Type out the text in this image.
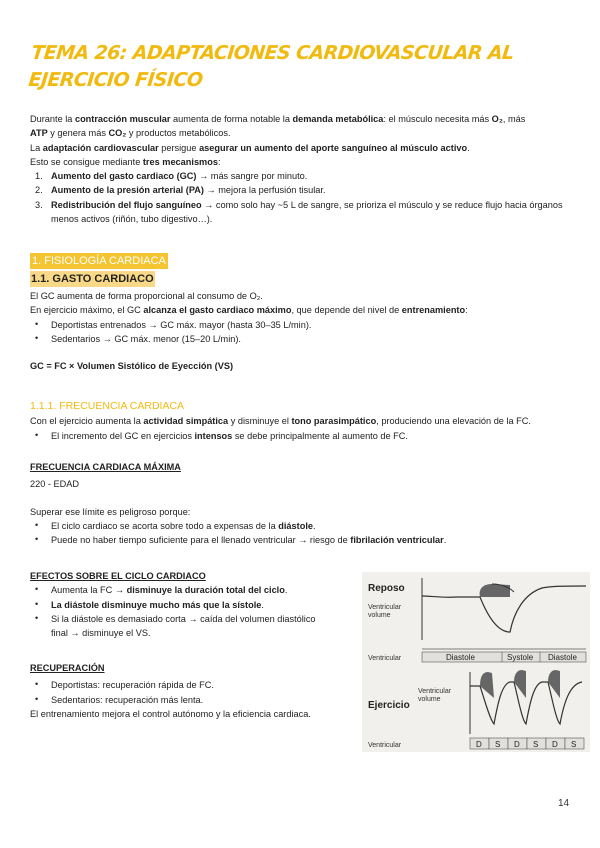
TEMA 26: ADAPTACIONES CARDIOVASCULAR AL EJERCICIO FÍSICO

Durante la contracción muscular aumenta de forma notable la demanda metabólica: el músculo necesita más O₂, más

ATP y genera más CO₂ y productos metabólicos.

La adaptación cardiovascular persigue asegurar un aumento del aporte sanguíneo al músculo activo.

Esto se consigue mediante tres mecanismos:

1. Aumento del gasto cardiaco (GC) → más sangre por minuto.
2. Aumento de la presión arterial (PA) → mejora la perfusión tisular.
3. Redistribución del flujo sanguíneo → como solo hay ~5 L de sangre, se prioriza el músculo y se reduce flujo hacia órganos menos activos (riñón, tubo digestivo…).
1. FISIOLOGÍA CARDIACA
1.1. GASTO CARDIACO

El GC aumenta de forma proporcional al consumo de O₂.

En ejercicio máximo, el GC alcanza el gasto cardiaco máximo, que depende del nivel de entrenamiento:

• Deportistas entrenados → GC máx. mayor (hasta 30–35 L/min).
• Sedentarios → GC máx. menor (15–20 L/min).

GC = FC × Volumen Sistólico de Eyección (VS)

1.1.1. FRECUENCIA CARDIACA

Con el ejercicio aumenta la actividad simpática y disminuye el tono parasimpático, produciendo una elevación de la FC.

• El incremento del GC en ejercicios intensos se debe principalmente al aumento de FC.

FRECUENCIA CARDIACA MÁXIMA

220 - EDAD

Superar ese límite es peligroso porque:

• El ciclo cardiaco se acorta sobre todo a expensas de la diástole.
• Puede no haber tiempo suficiente para el llenado ventricular → riesgo de fibrilación ventricular.

EFECTOS SOBRE EL CICLO CARDIACO

• Aumenta la FC → disminuye la duración total del ciclo.
• La diástole disminuye mucho más que la sístole.
• Si la diástole es demasiado corta → caída del volumen diastólico
final → disminuye el VS.

RECUPERACIÓN

• Deportistas: recuperación rápida de FC.
• Sedentarios: recuperación más lenta.

El entrenamiento mejora el control autónomo y la eficiencia cardiaca.

Reposo
Ventricular
volume
Ventricular	Diastole	Systole Diastole
Ejercicio
Ventricular
volume
Ventricular	D S D S D S
14
